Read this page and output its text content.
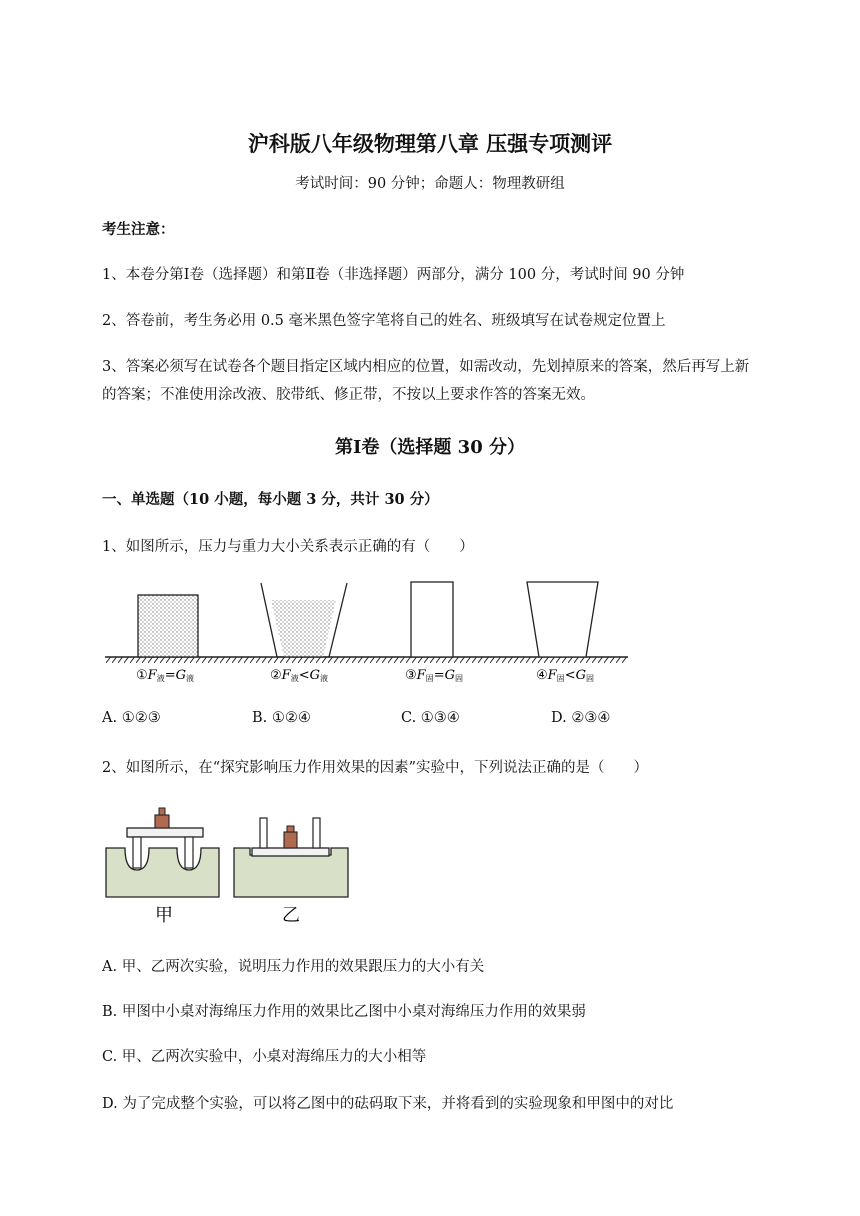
沪科版八年级物理第八章 压强专项测评
考试时间：90 分钟；命题人：物理教研组
考生注意：
1、本卷分第Ⅰ卷（选择题）和第Ⅱ卷（非选择题）两部分，满分 100 分，考试时间 90 分钟
2、答卷前，考生务必用 0.5 毫米黑色签字笔将自己的姓名、班级填写在试卷规定位置上
3、答案必须写在试卷各个题目指定区域内相应的位置，如需改动，先划掉原来的答案，然后再写上新
的答案；不准使用涂改液、胶带纸、修正带，不按以上要求作答的答案无效。
第Ⅰ卷（选择题 30 分）
一、单选题（10 小题，每小题 3 分，共计 30 分）
1、如图所示，压力与重力大小关系表示正确的有（　　）
①F液=G液	②F液<G液	③F固=G固	④F固<G固
A. ①②③	B. ①②④	C. ①③④	D. ②③④
2、如图所示，在“探究影响压力作用效果的因素”实验中，下列说法正确的是（　　）
甲	乙
A. 甲、乙两次实验，说明压力作用的效果跟压力的大小有关
B. 甲图中小桌对海绵压力作用的效果比乙图中小桌对海绵压力作用的效果弱
C. 甲、乙两次实验中，小桌对海绵压力的大小相等
D. 为了完成整个实验，可以将乙图中的砝码取下来，并将看到的实验现象和甲图中的对比
